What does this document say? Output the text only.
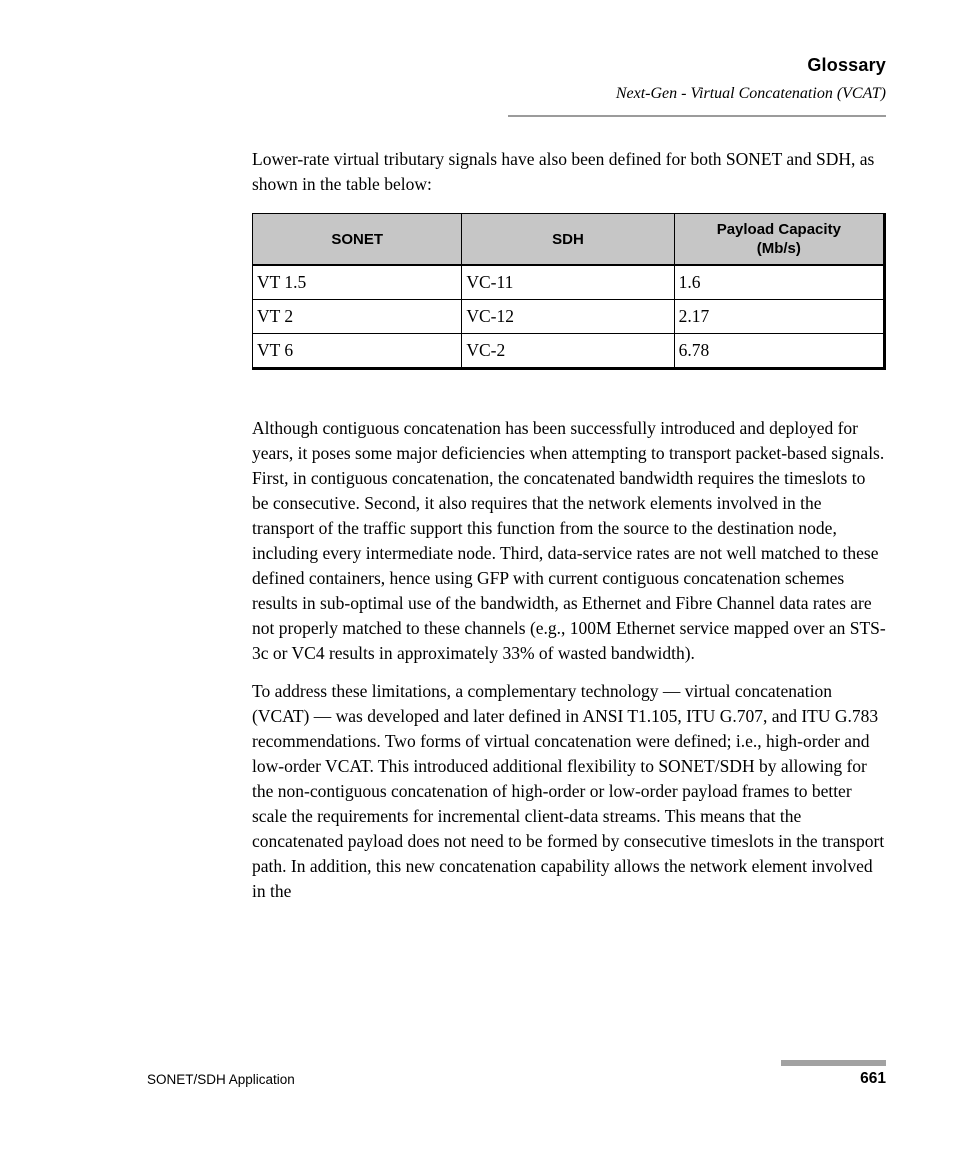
Glossary
Next-Gen - Virtual Concatenation (VCAT)

Lower-rate virtual tributary signals have also been defined for both SONET and SDH, as shown in the table below:

SONET	SDH	Payload Capacity (Mb/s)
VT 1.5	VC-11	1.6
VT 2	VC-12	2.17
VT 6	VC-2	6.78

Although contiguous concatenation has been successfully introduced and deployed for years, it poses some major deficiencies when attempting to transport packet-based signals. First, in contiguous concatenation, the concatenated bandwidth requires the timeslots to be consecutive. Second, it also requires that the network elements involved in the transport of the traffic support this function from the source to the destination node, including every intermediate node. Third, data-service rates are not well matched to these defined containers, hence using GFP with current contiguous concatenation schemes results in sub-optimal use of the bandwidth, as Ethernet and Fibre Channel data rates are not properly matched to these channels (e.g., 100M Ethernet service mapped over an STS-3c or VC4 results in approximately 33% of wasted bandwidth).

To address these limitations, a complementary technology — virtual concatenation (VCAT) — was developed and later defined in ANSI T1.105, ITU G.707, and ITU G.783 recommendations. Two forms of virtual concatenation were defined; i.e., high-order and low-order VCAT. This introduced additional flexibility to SONET/SDH by allowing for the non-contiguous concatenation of high-order or low-order payload frames to better scale the requirements for incremental client-data streams. This means that the concatenated payload does not need to be formed by consecutive timeslots in the transport path. In addition, this new concatenation capability allows the network element involved in the

SONET/SDH Application	661
